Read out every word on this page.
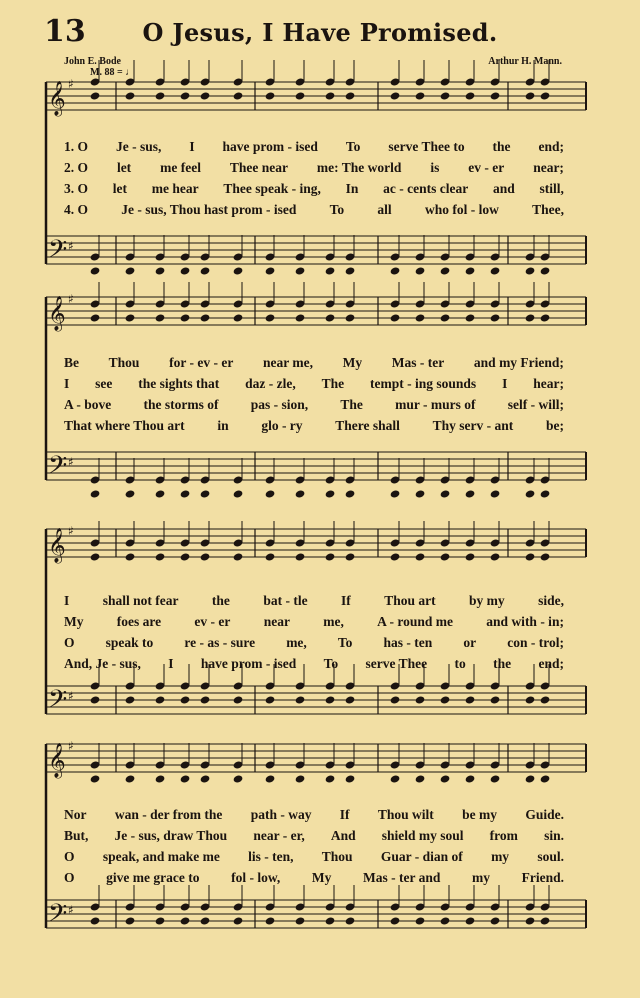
13	O Jesus, I Have Promised.
John E. Bode	Arthur H. Mann.
M. 88 = ♩
𝄞 ♯
𝄢 ♯
𝄞 ♯
𝄢 ♯
𝄞 ♯
𝄢 ♯
𝄞 ♯
𝄢 ♯
1. O Je - sus, I have prom - ised To serve Thee to the end;
2. O let me feel Thee near me: The world is ev - er near;
3. O let me hear Thee speak - ing, In ac - cents clear and still,
4. O Je - sus, Thou hast prom - ised To all who fol - low Thee,
Be Thou for - ev - er near me, My Mas - ter and my Friend;
I see the sights that daz - zle, The tempt - ing sounds I hear;
A - bove the storms of pas - sion, The mur - murs of self - will;
That where Thou art in glo - ry There shall Thy serv - ant be;
I shall not fear the bat - tle If Thou art by my side,
My foes are ev - er near me, A - round me and with - in;
O speak to re - as - sure me, To has - ten or con - trol;
And, Je - sus, I have prom - ised To serve Thee to the end;
Nor wan - der from the path - way If Thou wilt be my Guide.
But, Je - sus, draw Thou near - er, And shield my soul from sin.
O speak, and make me lis - ten, Thou Guar - dian of my soul.
O give me grace to fol - low, My Mas - ter and my Friend.
